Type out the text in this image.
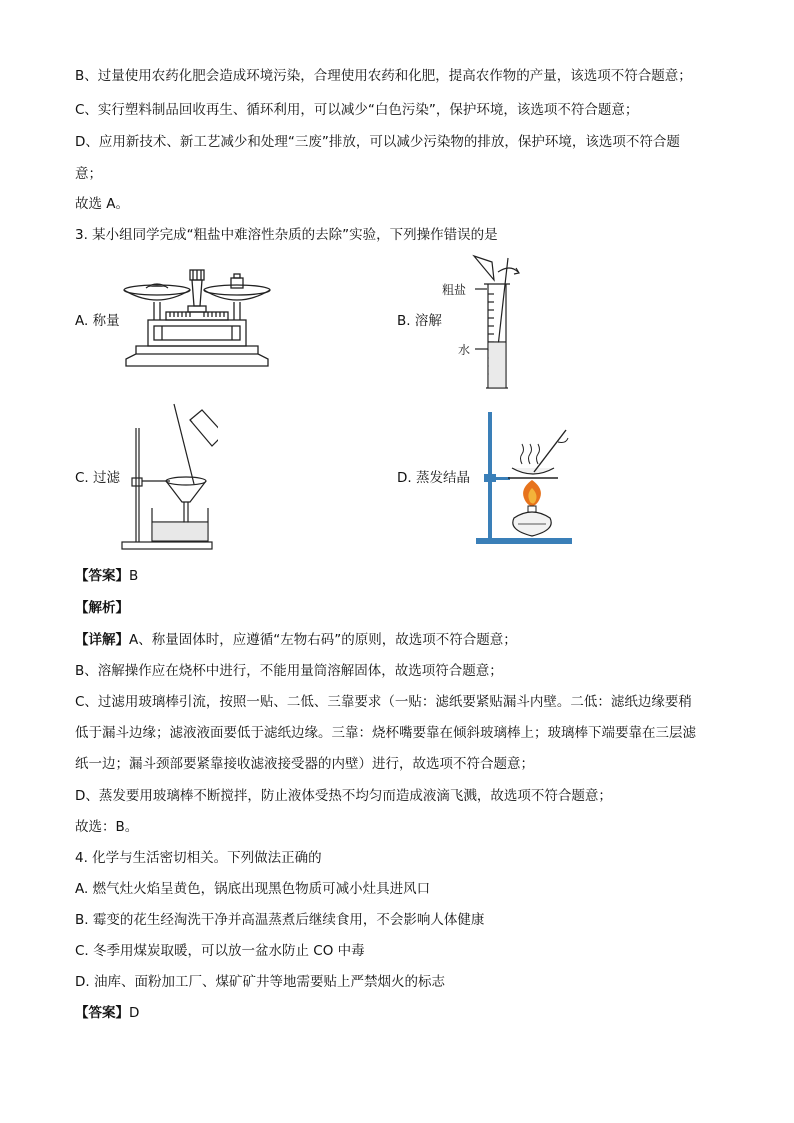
B、过量使用农药化肥会造成环境污染，合理使用农药和化肥，提高农作物的产量，该选项不符合题意；
C、实行塑料制品回收再生、循环利用，可以减少“白色污染”，保护环境，该选项不符合题意；
D、应用新技术、新工艺减少和处理“三废”排放，可以减少污染物的排放，保护环境，该选项不符合题
意；
故选 A。
3. 某小组同学完成“粗盐中难溶性杂质的去除”实验，下列操作错误的是
A. 称量	B. 溶解
粗盐
水
C. 过滤	D. 蒸发结晶
【答案】B
【解析】
【详解】A、称量固体时，应遵循“左物右码”的原则，故选项不符合题意；
B、溶解操作应在烧杯中进行，不能用量筒溶解固体，故选项符合题意；
C、过滤用玻璃棒引流，按照一贴、二低、三靠要求（一贴：滤纸要紧贴漏斗内壁。二低：滤纸边缘要稍
低于漏斗边缘；滤液液面要低于滤纸边缘。三靠：烧杯嘴要靠在倾斜玻璃棒上；玻璃棒下端要靠在三层滤
纸一边；漏斗颈部要紧靠接收滤液接受器的内壁）进行，故选项不符合题意；
D、蒸发要用玻璃棒不断搅拌，防止液体受热不均匀而造成液滴飞溅，故选项不符合题意；
故选：B。
4. 化学与生活密切相关。下列做法正确的
A. 燃气灶火焰呈黄色，锅底出现黑色物质可减小灶具进风口
B. 霉变的花生经淘洗干净并高温蒸煮后继续食用，不会影响人体健康
C. 冬季用煤炭取暖，可以放一盆水防止 CO 中毒
D. 油库、面粉加工厂、煤矿矿井等地需要贴上严禁烟火的标志
【答案】D
